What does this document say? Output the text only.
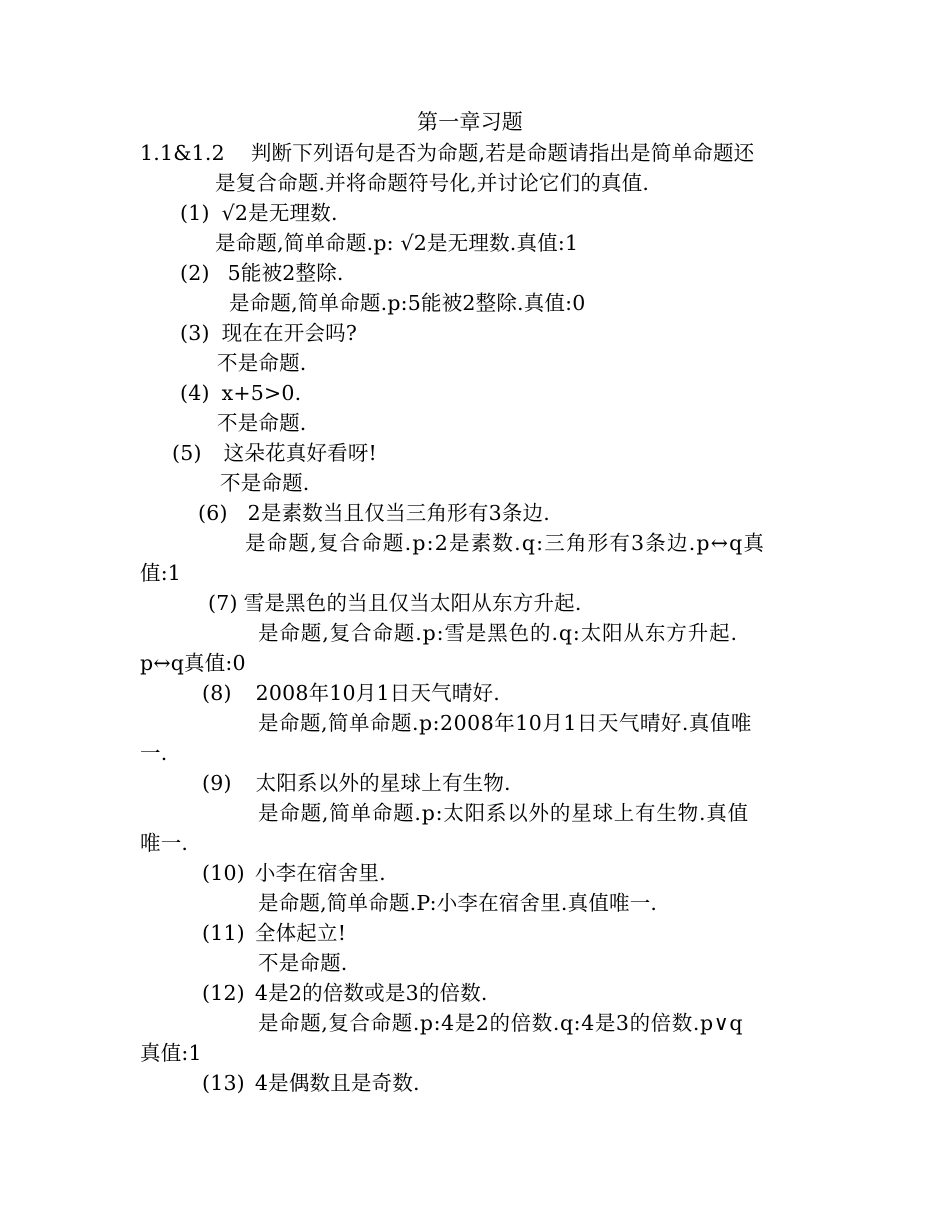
第一章习题
1.1&1.2 判断下列语句是否为命题,若是命题请指出是简单命题还
是复合命题.并将命题符号化,并讨论它们的真值.
(1) √2是无理数.
是命题,简单命题.p: √2是无理数.真值:1
(2) 5能被2整除.
是命题,简单命题.p:5能被2整除.真值:0
(3) 现在在开会吗?
不是命题.
(4) x+5>0.
不是命题.
(5) 这朵花真好看呀!
不是命题.
(6) 2是素数当且仅当三角形有3条边.
是命题,复合命题.p:2是素数.q:三角形有3条边.p↔q真
值:1
(7) 雪是黑色的当且仅当太阳从东方升起.
是命题,复合命题.p:雪是黑色的.q:太阳从东方升起.
p↔q真值:0
(8) 2008年10月1日天气晴好.
是命题,简单命题.p:2008年10月1日天气晴好.真值唯
一.
(9) 太阳系以外的星球上有生物.
是命题,简单命题.p:太阳系以外的星球上有生物.真值
唯一.
(10) 小李在宿舍里.
是命题,简单命题.P:小李在宿舍里.真值唯一.
(11) 全体起立!
不是命题.
(12) 4是2的倍数或是3的倍数.
是命题,复合命题.p:4是2的倍数.q:4是3的倍数.p∨q
真值:1
(13) 4是偶数且是奇数.
